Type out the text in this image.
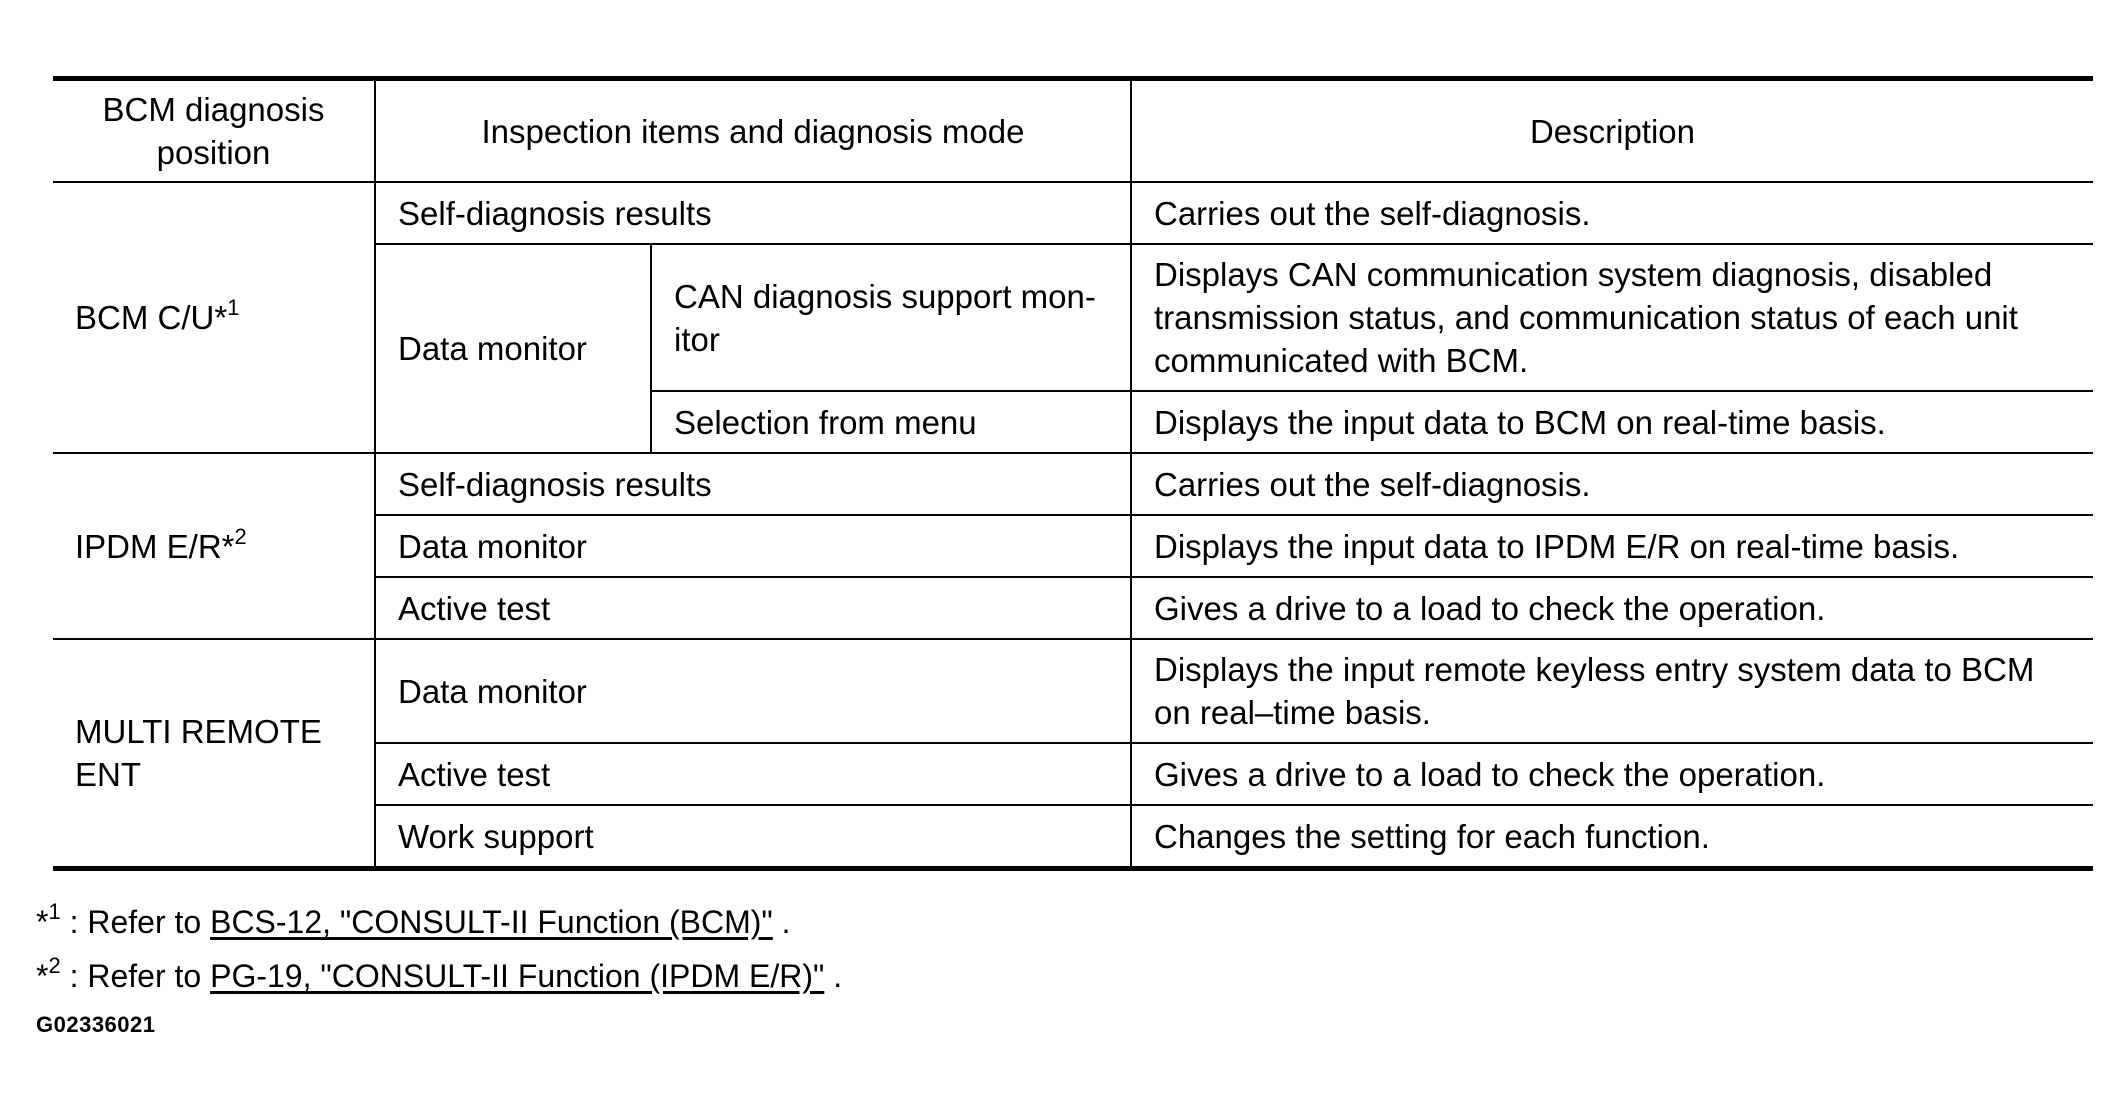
BCM diagnosis position	Inspection items and diagnosis mode		Description
BCM C/U*$^1$	Self-diagnosis results		Carries out the self-diagnosis.
	Data monitor	CAN diagnosis support mon-itor	Displays CAN communication system diagnosis, disabled transmission status, and communication status of each unit communicated with BCM.
		Selection from menu	Displays the input data to BCM on real-time basis.
IPDM E/R*$^2$	Self-diagnosis results		Carries out the self-diagnosis.
	Data monitor		Displays the input data to IPDM E/R on real-time basis.
	Active test		Gives a drive to a load to check the operation.
MULTI REMOTE ENT	Data monitor		Displays the input remote keyless entry system data to BCM on real–time basis.
	Active test		Gives a drive to a load to check the operation.
	Work support		Changes the setting for each function.
*$^1$ : Refer to BCS-12, "CONSULT-II Function (BCM)" .
*$^2$ : Refer to PG-19, "CONSULT-II Function (IPDM E/R)" .
G02336021
